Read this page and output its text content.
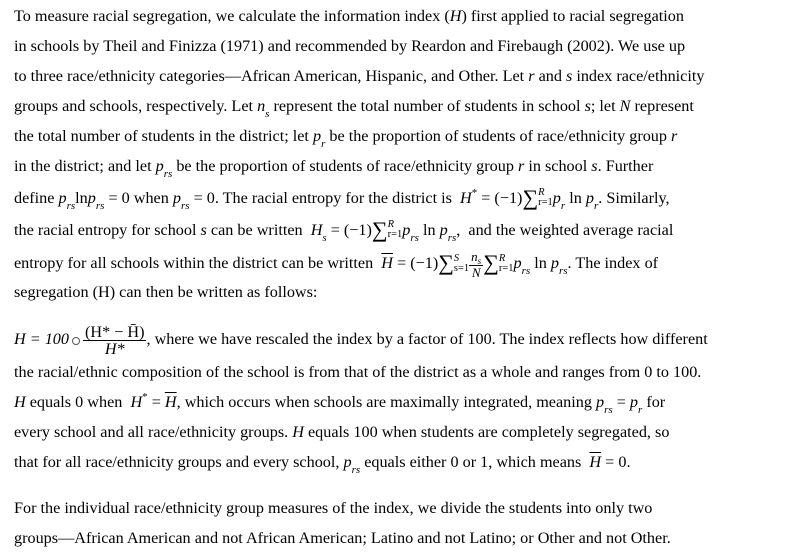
To measure racial segregation, we calculate the information index (H) first applied to racial segregation
in schools by Theil and Finizza (1971) and recommended by Reardon and Firebaugh (2002). We use up
to three race/ethnicity categories—African American, Hispanic, and Other. Let r and s index race/ethnicity
groups and schools, respectively. Let $n_s$ represent the total number of students in school s; let N represent
the total number of students in the district; let $p_r$ be the proportion of students of race/ethnicity group r
in the district; and let $p_{rs}$ be the proportion of students of race/ethnicity group r in school s. Further
define $p_{rs}\ln p_{rs} = 0$ when $p_{rs} = 0$. The racial entropy for the district is H* = (−1)∑ R
r=1 $p_r$ $\ln p_r$. Similarly,
the racial entropy for school s can be written $H_s = (-1)\sum$ R
r=1 $p_{rs}$ $\ln p_{rs}$,  and the weighted average racial
entropy for all schools within the district can be written $\overline{H} = (-1)\sum$ S
$s=1 \frac{n_s}{N}$ ∑ R
r=1 $p_{rs}$ $\ln p_{rs}$. The index of
segregation (H) can then be written as follows:
$H = 100 \frac{(H* - H̄)}{H*}$ , where we have rescaled the index by a factor of 100. The index reflects how different
the racial/ethnic composition of the school is from that of the district as a whole and ranges from 0 to 100.
H equals 0 when $H^* = \overline{H}$, which occurs when schools are maximally integrated, meaning $p_{rs} = p_r$ for
every school and all race/ethnicity groups. H equals 100 when students are completely segregated, so
that for all race/ethnicity groups and every school, $p_{rs}$ equals either 0 or 1, which means $\overline{H} = 0$.
For the individual race/ethnicity group measures of the index, we divide the students into only two
groups—African American and not African American; Latino and not Latino; or Other and not Other.
